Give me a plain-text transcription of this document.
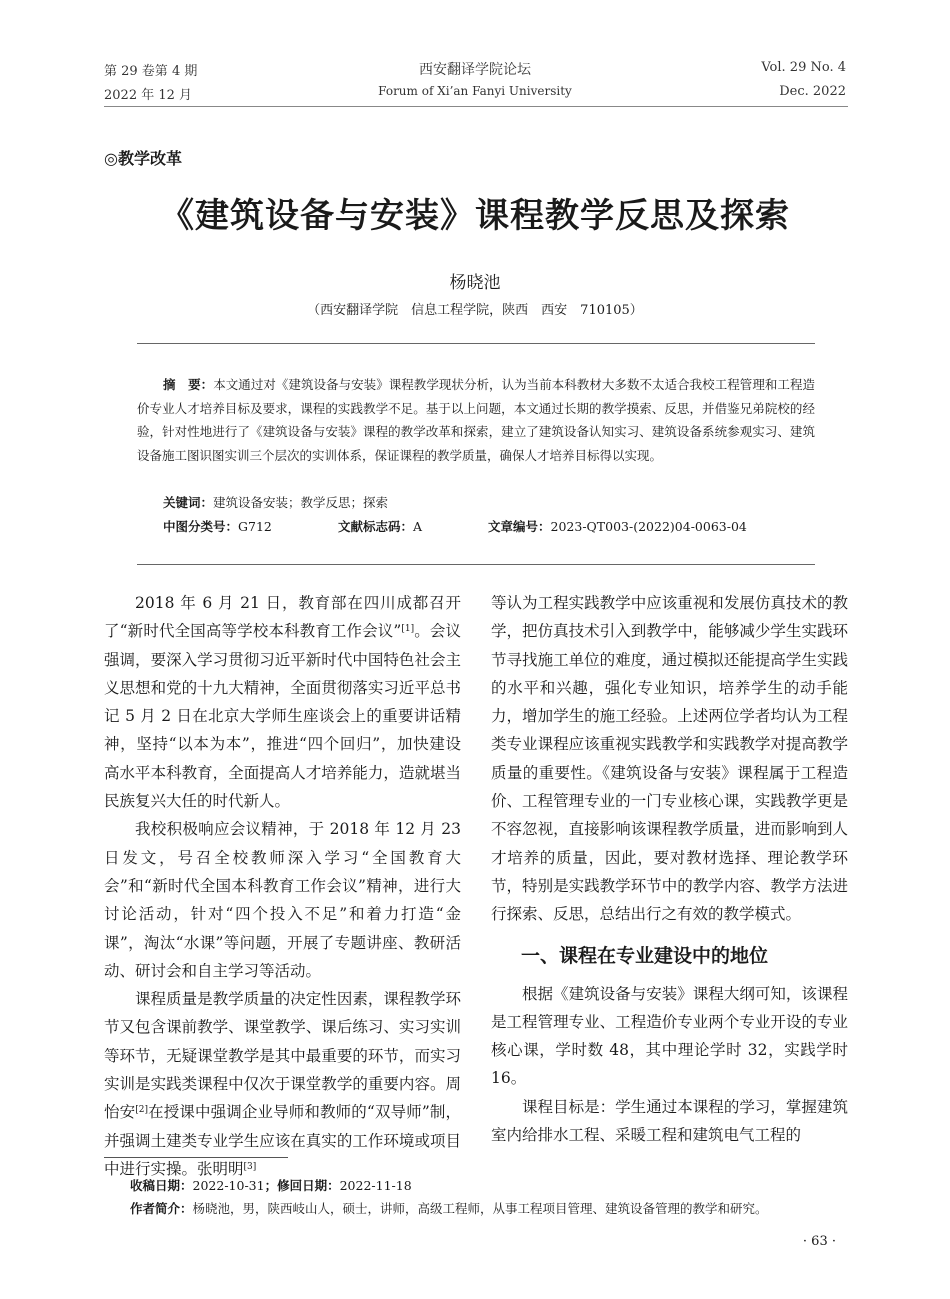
第 29 卷第 4 期
2022 年 12 月
西安翻译学院论坛
Forum of Xi’an Fanyi University
Vol. 29 No. 4
Dec. 2022
◎教学改革
《建筑设备与安装》课程教学反思及探索
杨晓池
（西安翻译学院　信息工程学院，陕西　西安　710105）
摘　要：本文通过对《建筑设备与安装》课程教学现状分析，认为当前本科教材大多数不太适合我校工程管理和工程造价专业人才培养目标及要求，课程的实践教学不足。基于以上问题，本文通过长期的教学摸索、反思，并借鉴兄弟院校的经验，针对性地进行了《建筑设备与安装》课程的教学改革和探索，建立了建筑设备认知实习、建筑设备系统参观实习、建筑设备施工图识图实训三个层次的实训体系，保证课程的教学质量，确保人才培养目标得以实现。
关键词：建筑设备安装；教学反思；探索
中图分类号：G712	文献标志码：A	文章编号：2023-QT003-(2022)04-0063-04

2018 年 6 月 21 日，教育部在四川成都召开了“新时代全国高等学校本科教育工作会议”[1]。会议强调，要深入学习贯彻习近平新时代中国特色社会主义思想和党的十九大精神，全面贯彻落实习近平总书记 5 月 2 日在北京大学师生座谈会上的重要讲话精神，坚持“以本为本”，推进“四个回归”，加快建设高水平本科教育，全面提高人才培养能力，造就堪当民族复兴大任的时代新人。

我校积极响应会议精神，于 2018 年 12 月 23 日发文，号召全校教师深入学习“全国教育大会”和“新时代全国本科教育工作会议”精神，进行大讨论活动，针对“四个投入不足”和着力打造“金课”，淘汰“水课”等问题，开展了专题讲座、教研活动、研讨会和自主学习等活动。

课程质量是教学质量的决定性因素，课程教学环节又包含课前教学、课堂教学、课后练习、实习实训等环节，无疑课堂教学是其中最重要的环节，而实习实训是实践类课程中仅次于课堂教学的重要内容。周怡安[2]在授课中强调企业导师和教师的“双导师”制，并强调土建类专业学生应该在真实的工作环境或项目中进行实操。张明明[3]

等认为工程实践教学中应该重视和发展仿真技术的教学，把仿真技术引入到教学中，能够减少学生实践环节寻找施工单位的难度，通过模拟还能提高学生实践的水平和兴趣，强化专业知识，培养学生的动手能力，增加学生的施工经验。上述两位学者均认为工程类专业课程应该重视实践教学和实践教学对提高教学质量的重要性。《建筑设备与安装》课程属于工程造价、工程管理专业的一门专业核心课，实践教学更是不容忽视，直接影响该课程教学质量，进而影响到人才培养的质量，因此，要对教材选择、理论教学环节，特别是实践教学环节中的教学内容、教学方法进行探索、反思，总结出行之有效的教学模式。

一、课程在专业建设中的地位

根据《建筑设备与安装》课程大纲可知，该课程是工程管理专业、工程造价专业两个专业开设的专业核心课，学时数 48，其中理论学时 32，实践学时 16。

课程目标是：学生通过本课程的学习，掌握建筑室内给排水工程、采暖工程和建筑电气工程的

收稿日期：2022-10-31；修回日期：2022-11-18
作者简介：杨晓池，男，陕西岐山人，硕士，讲师，高级工程师，从事工程项目管理、建筑设备管理的教学和研究。
· 63 ·
